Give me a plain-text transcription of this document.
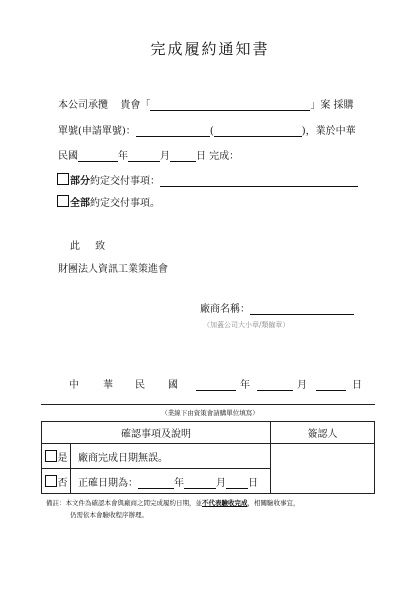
完成履約通知書
本公司承攬 貴會「	」案 採購
單號(申請單號)：	(	)，業於中華
民國	年	月	日 完成：
部分約定交付事項：
全部約定交付事項。
此 致
財團法人資訊工業策進會
廠商名稱：
（加蓋公司大小章/類僱章）
中 華 民 國	年	月	日
（業線下由資策會請購單位填寫）
確認事項及說明	簽認人

是	廠商完成日期無誤。

否	正確日期為：	年	月 日
備註：本文件為確認本會與廠商之間完成履約日期，並不代表驗收完成，相關驗收事宜，
仍需依本會驗收程序辦理。
